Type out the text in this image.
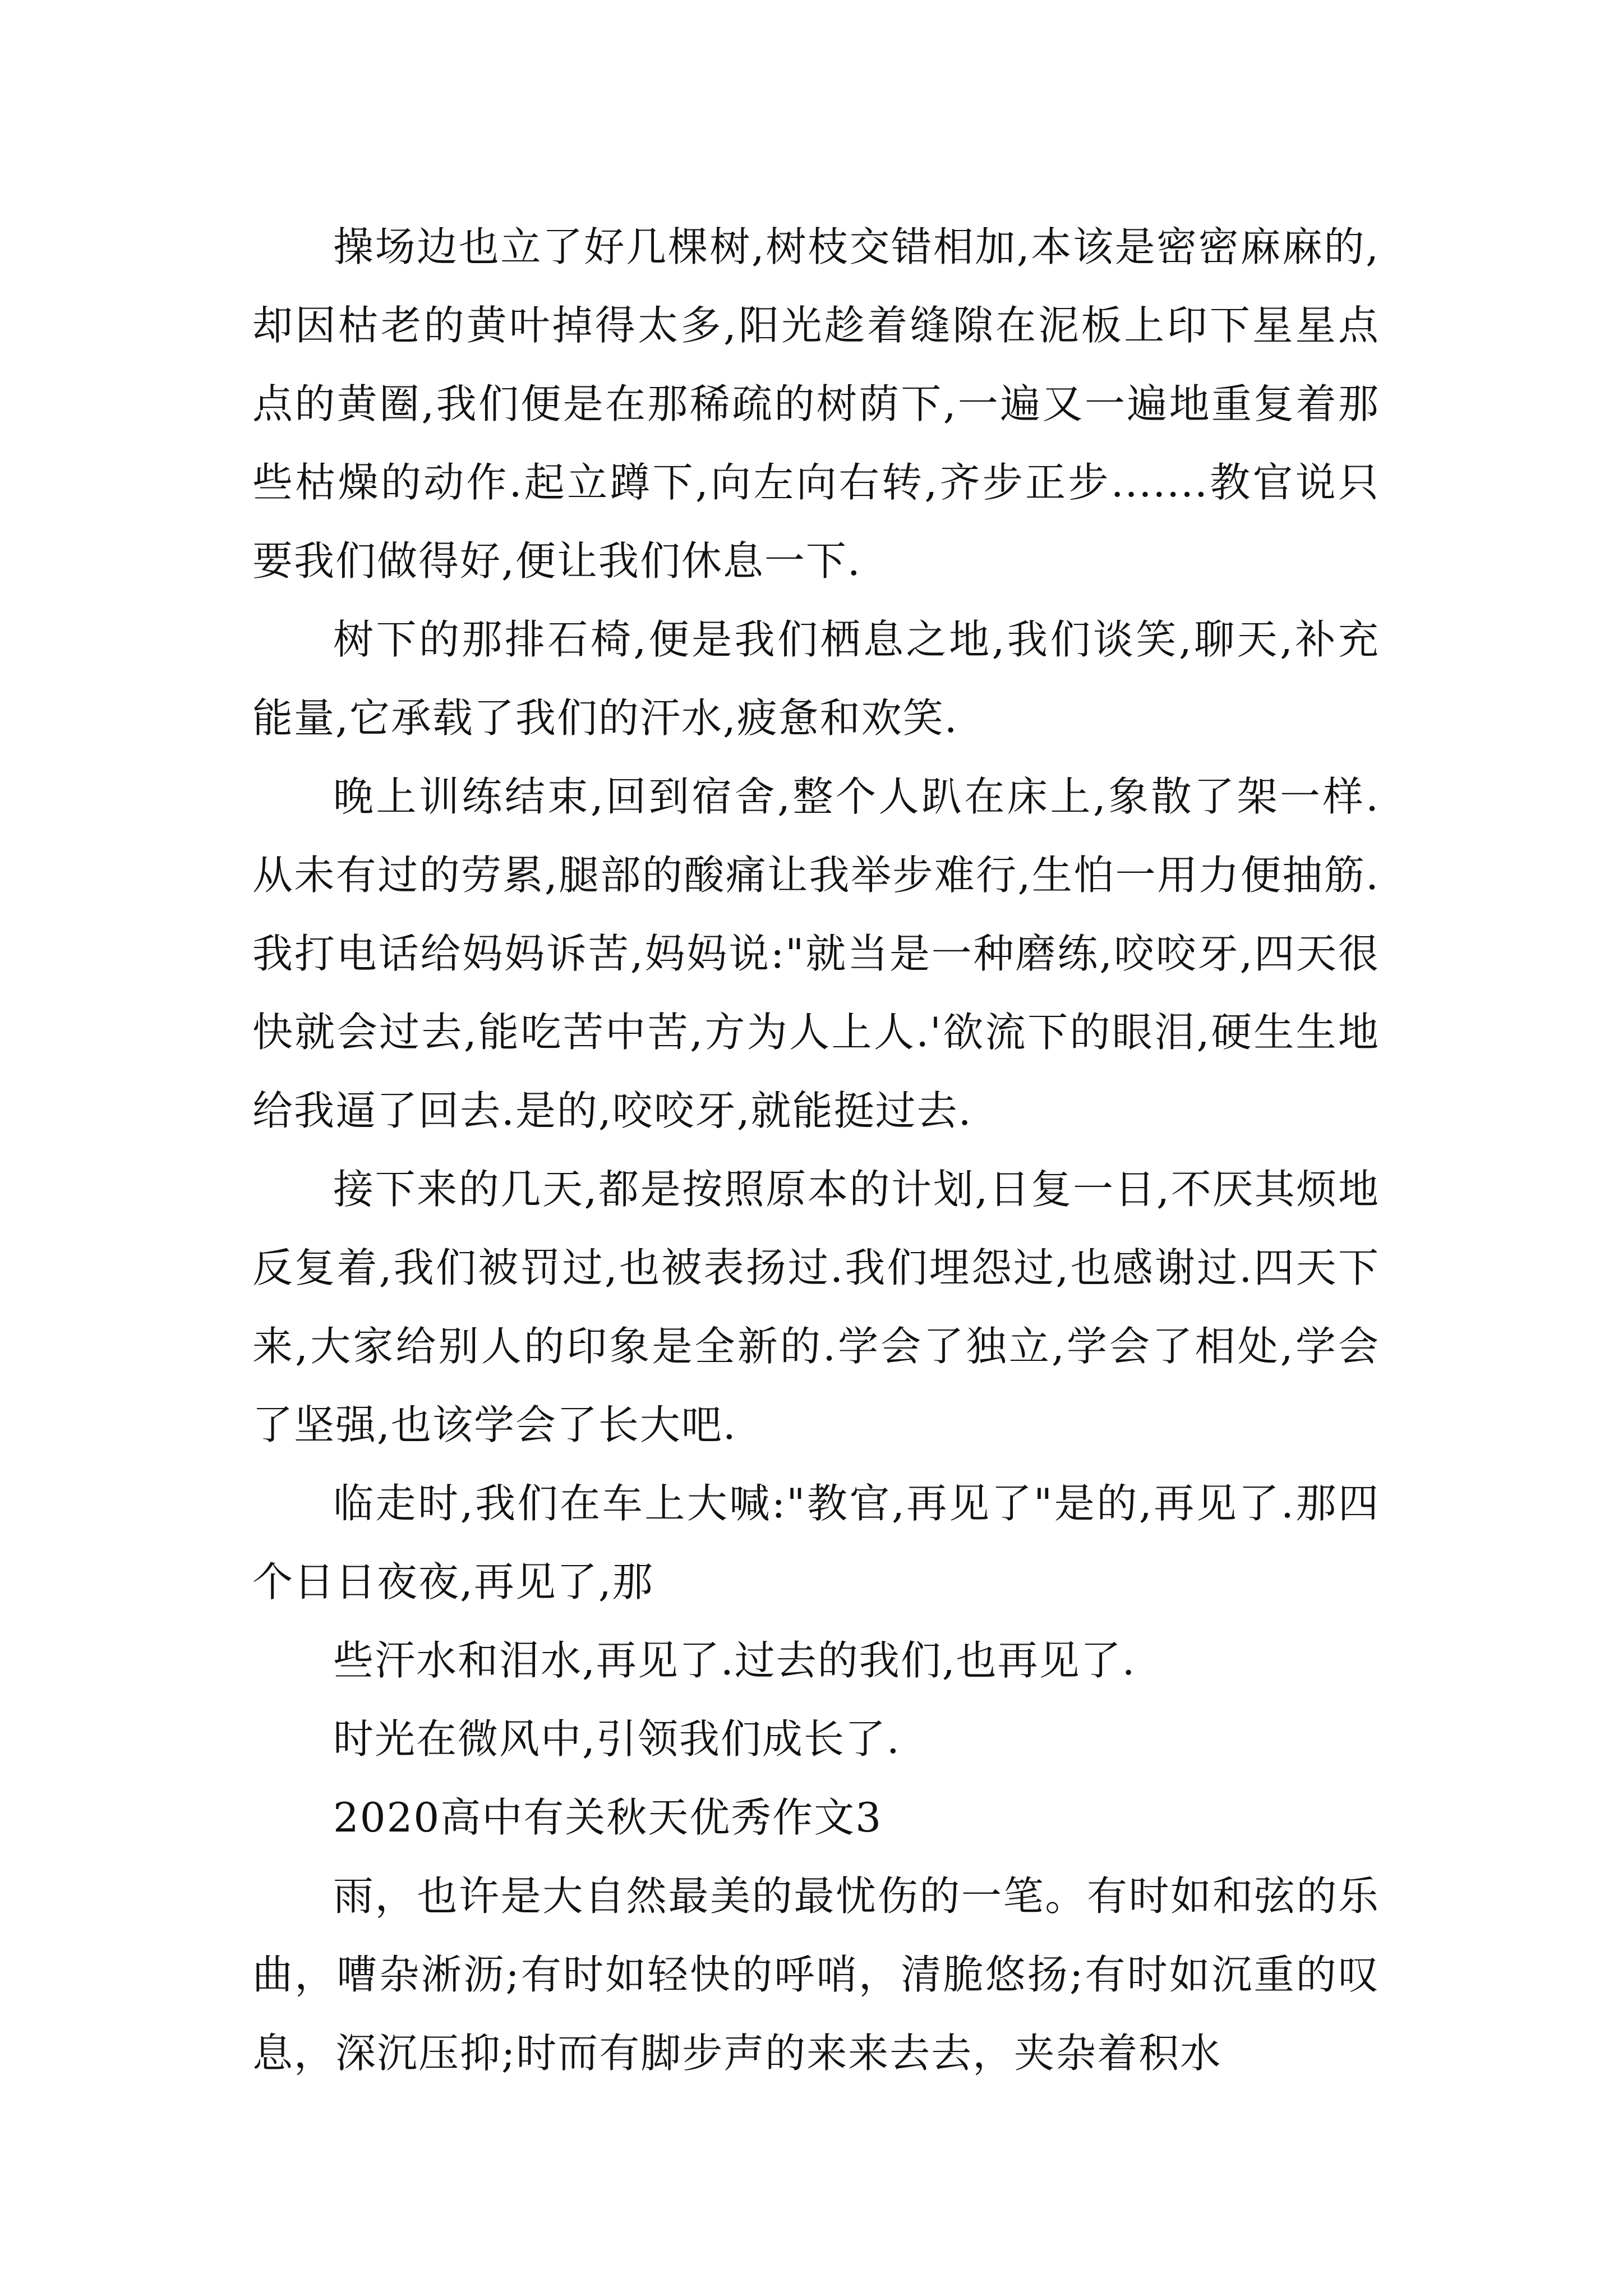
操场边也立了好几棵树,树枝交错相加,本该是密密麻麻的,却因枯老的黄叶掉得太多,阳光趁着缝隙在泥板上印下星星点点的黄圈,我们便是在那稀疏的树荫下,一遍又一遍地重复着那些枯燥的动作.起立蹲下,向左向右转,齐步正步.......教官说只要我们做得好,便让我们休息一下.

树下的那排石椅,便是我们栖息之地,我们谈笑,聊天,补充能量,它承载了我们的汗水,疲惫和欢笑.

晚上训练结束,回到宿舍,整个人趴在床上,象散了架一样.从未有过的劳累,腿部的酸痛让我举步难行,生怕一用力便抽筋.我打电话给妈妈诉苦,妈妈说:"就当是一种磨练,咬咬牙,四天很快就会过去,能吃苦中苦,方为人上人.'欲流下的眼泪,硬生生地给我逼了回去.是的,咬咬牙,就能挺过去.

接下来的几天,都是按照原本的计划,日复一日,不厌其烦地反复着,我们被罚过,也被表扬过.我们埋怨过,也感谢过.四天下来,大家给别人的印象是全新的.学会了独立,学会了相处,学会了坚强,也该学会了长大吧.

临走时,我们在车上大喊:"教官,再见了"是的,再见了.那四个日日夜夜,再见了,那

些汗水和泪水,再见了.过去的我们,也再见了.

时光在微风中,引领我们成长了.

2020高中有关秋天优秀作文3

雨，也许是大自然最美的最忧伤的一笔。有时如和弦的乐曲，嘈杂淅沥;有时如轻快的呼哨，清脆悠扬;有时如沉重的叹息，深沉压抑;时而有脚步声的来来去去，夹杂着积水
